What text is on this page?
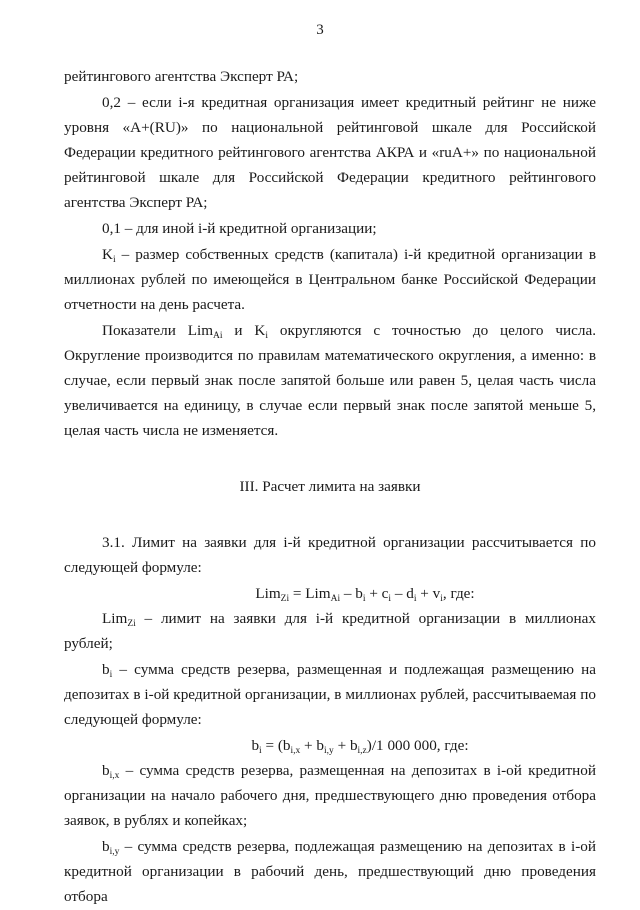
3

рейтингового агентства Эксперт РА;

0,2 – если i-я кредитная организация имеет кредитный рейтинг не ниже уровня «A+(RU)» по национальной рейтинговой шкале для Российской Федерации кредитного рейтингового агентства АКРА и «ruA+» по национальной рейтинговой шкале для Российской Федерации кредитного рейтингового агентства Эксперт РА;

0,1 – для иной i-й кредитной организации;

$K_i$ – размер собственных средств (капитала) i-й кредитной организации в миллионах рублей по имеющейся в Центральном банке Российской Федерации отчетности на день расчета.

Показатели Lim$_{Ai}$ и $K_i$ округляются с точностью до целого числа. Округление производится по правилам математического округления, а именно: в случае, если первый знак после запятой больше или равен 5, целая часть числа увеличивается на единицу, в случае если первый знак после запятой меньше 5, целая часть числа не изменяется.

III. Расчет лимита на заявки

3.1. Лимит на заявки для i-й кредитной организации рассчитывается по следующей формуле:

$Lim_{Zi} = Lim_{Ai} - b_i + c_i - d_i + v_i$, где:

Lim$_{Zi}$ – лимит на заявки для i-й кредитной организации в миллионах рублей;

$b_i$ – сумма средств резерва, размещенная и подлежащая размещению на депозитах в i-ой кредитной организации, в миллионах рублей, рассчитываемая по следующей формуле:

$b_i = (b_{i,x} + b_{i,y} + b_{i,z})/1$ 000 000, где:

$b_{i,x}$ – сумма средств резерва, размещенная на депозитах в i-ой кредитной организации на начало рабочего дня, предшествующего дню проведения отбора заявок, в рублях и копейках;

$b_{i,y}$ – сумма средств резерва, подлежащая размещению на депозитах в i-ой кредитной организации в рабочий день, предшествующий дню проведения отбора
